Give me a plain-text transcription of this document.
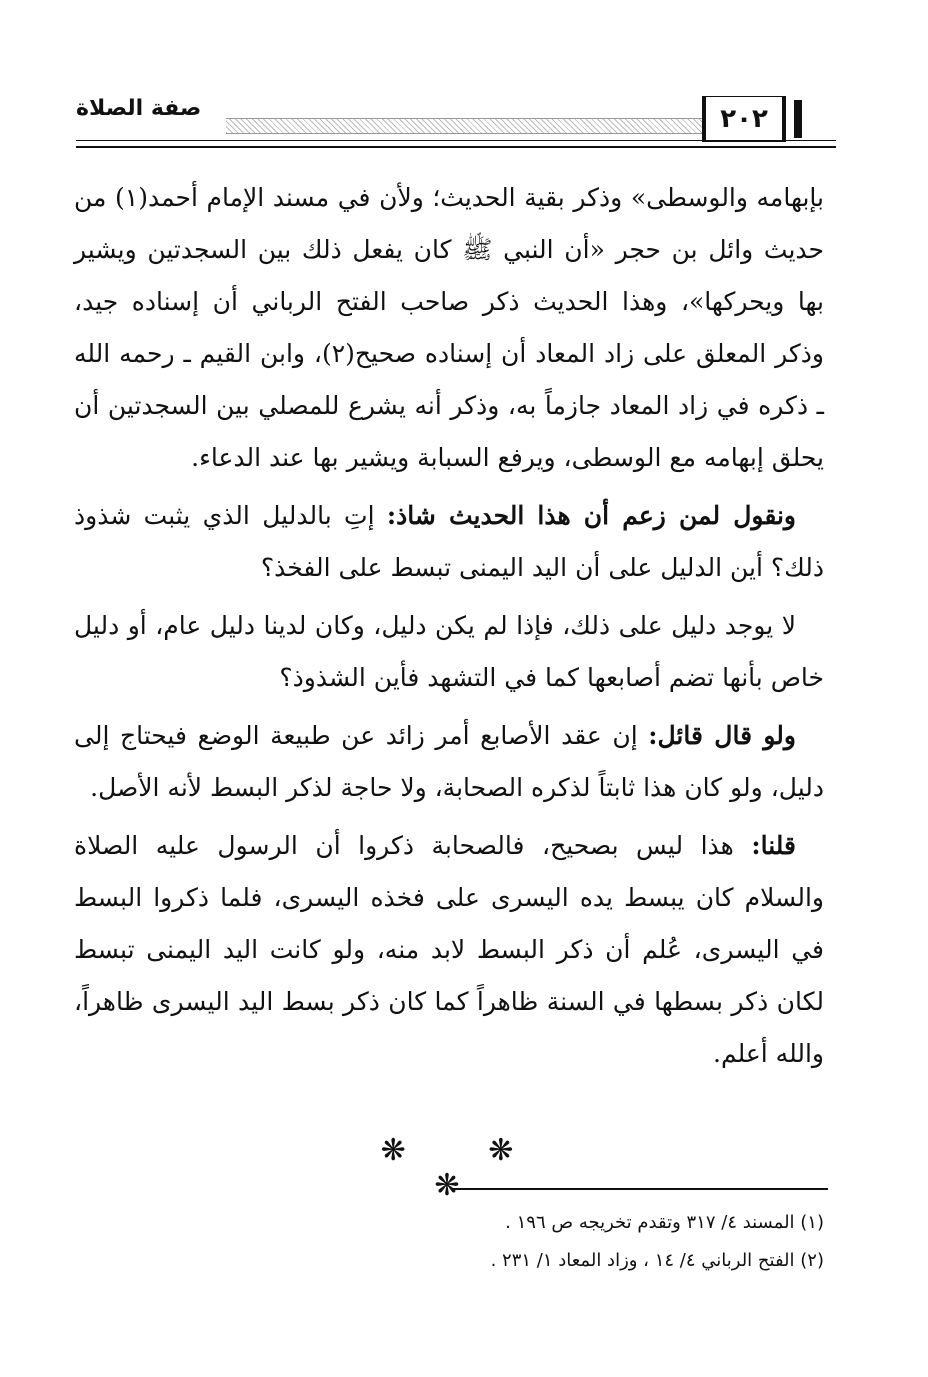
صفة الصلاة	٢٠٢

بإبهامه والوسطى» وذكر بقية الحديث؛ ولأن في مسند الإمام أحمد(١) من حديث وائل بن حجر «أن النبي ﷺ كان يفعل ذلك بين السجدتين ويشير بها ويحركها»، وهذا الحديث ذكر صاحب الفتح الرباني أن إسناده جيد، وذكر المعلق على زاد المعاد أن إسناده صحيح(٢)، وابن القيم ـ رحمه الله ـ ذكره في زاد المعاد جازماً به، وذكر أنه يشرع للمصلي بين السجدتين أن يحلق إبهامه مع الوسطى، ويرفع السبابة ويشير بها عند الدعاء.

ونقول لمن زعم أن هذا الحديث شاذ: إتِ بالدليل الذي يثبت شذوذ ذلك؟ أين الدليل على أن اليد اليمنى تبسط على الفخذ؟

لا يوجد دليل على ذلك، فإذا لم يكن دليل، وكان لدينا دليل عام، أو دليل خاص بأنها تضم أصابعها كما في التشهد فأين الشذوذ؟

ولو قال قائل: إن عقد الأصابع أمر زائد عن طبيعة الوضع فيحتاج إلى دليل، ولو كان هذا ثابتاً لذكره الصحابة، ولا حاجة لذكر البسط لأنه الأصل.

قلنا: هذا ليس بصحيح، فالصحابة ذكروا أن الرسول عليه الصلاة والسلام كان يبسط يده اليسرى على فخذه اليسرى، فلما ذكروا البسط في اليسرى، عُلم أن ذكر البسط لابد منه، ولو كانت اليد اليمنى تبسط لكان ذكر بسطها في السنة ظاهراً كما كان ذكر بسط اليد اليسرى ظاهراً، والله أعلم.

❋ ❋ ❋
(١) المسند ٤/ ٣١٧ وتقدم تخريجه ص ١٩٦ .
(٢) الفتح الرباني ٤/ ١٤ ، وزاد المعاد ١/ ٢٣١ .
